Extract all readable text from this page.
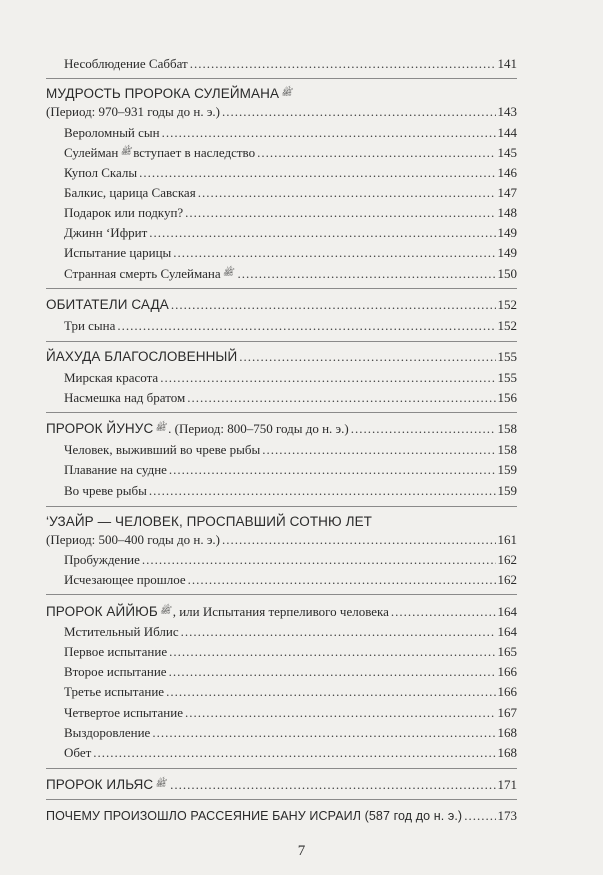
Несоблюдение Саббат .....	141
МУДРОСТЬ ПРОРОКА СУЛЕЙМАНА ﷺ
(Период: 970–931 годы до н. э.) .....	143
Вероломный сын .....	144
Сулейман ﷺ вступает в наследство .....	145
Купол Скалы .....	146
Балкис, царица Савская .....	147
Подарок или подкуп? .....	148
Джинн ‘Ифрит .....	149
Испытание царицы .....	149
Странная смерть Сулеймана ﷺ .....	150
ОБИТАТЕЛИ САДА .....	152
Три сына .....	152
ЙАХУДА БЛАГОСЛОВЕННЫЙ .....	155
Мирская красота .....	155
Насмешка над братом .....	156
ПРОРОК ЙУНУС ﷺ . (Период: 800–750 годы до н. э.) .....	158
Человек, выживший во чреве рыбы .....	158
Плавание на судне .....	159
Во чреве рыбы .....	159
‘УЗАЙР — ЧЕЛОВЕК, ПРОСПАВШИЙ СОТНЮ ЛЕТ
(Период: 500–400 годы до н. э.) .....	161
Пробуждение .....	162
Исчезающее прошлое .....	162
ПРОРОК АЙЙЮБ ﷺ , или Испытания терпеливого человека .....	164
Мстительный Иблис .....	164
Первое испытание .....	165
Второе испытание .....	166
Третье испытание .....	166
Четвертое испытание .....	167
Выздоровление .....	168
Обет .....	168
ПРОРОК ИЛЬЯС ﷺ .....	171
ПОЧЕМУ ПРОИЗОШЛО РАССЕЯНИЕ БАНУ ИСРАИЛ (587 год до н. э.) .....	173
7
